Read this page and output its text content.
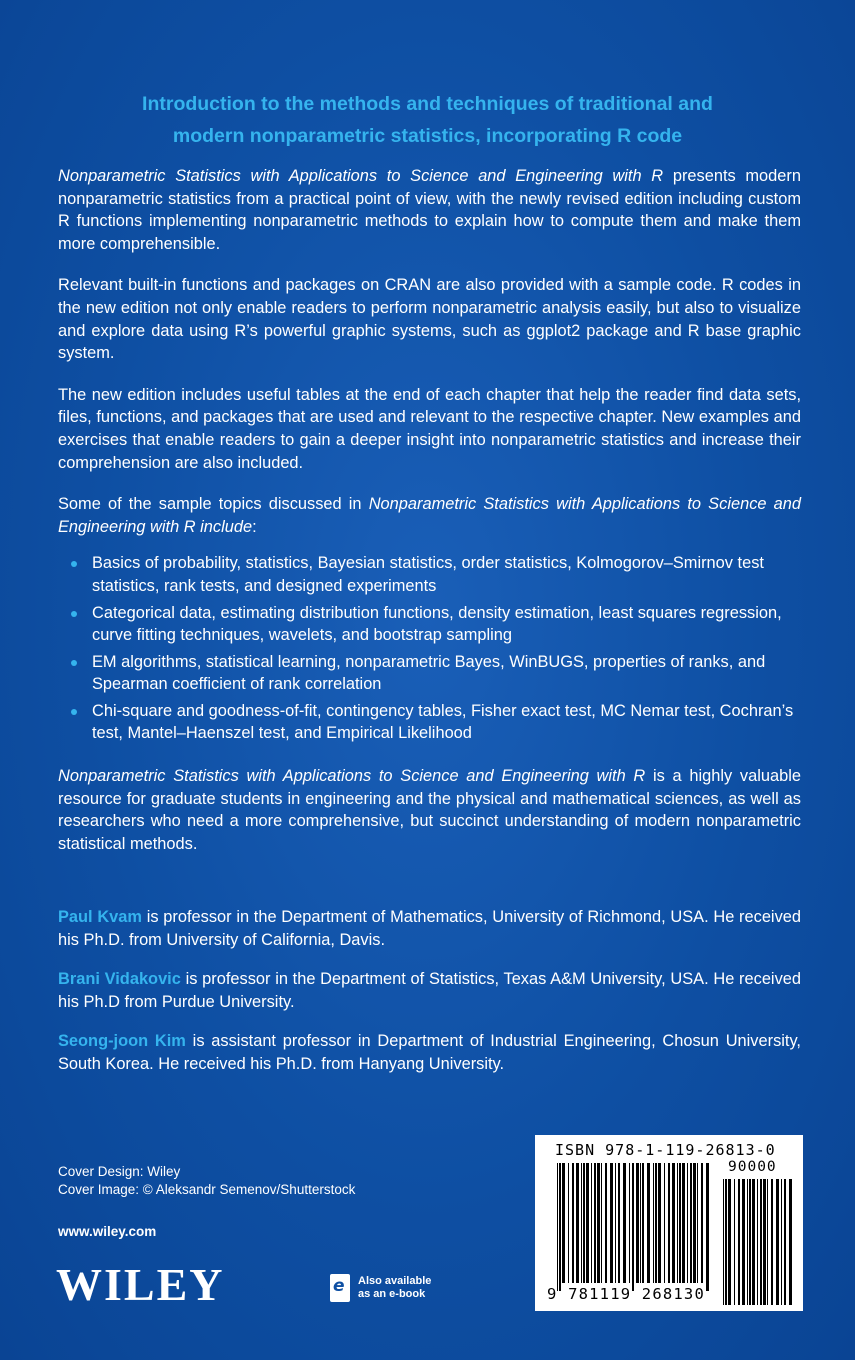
Introduction to the methods and techniques of traditional and
modern nonparametric statistics, incorporating R code

Nonparametric Statistics with Applications to Science and Engineering with R presents modern nonparametric statistics from a practical point of view, with the newly revised edition including custom R functions implementing nonparametric methods to explain how to compute them and make them more comprehensible.

Relevant built-in functions and packages on CRAN are also provided with a sample code. R codes in the new edition not only enable readers to perform nonparametric analysis easily, but also to visualize and explore data using R’s powerful graphic systems, such as ggplot2 package and R base graphic system.

The new edition includes useful tables at the end of each chapter that help the reader find data sets, files, functions, and packages that are used and relevant to the respective chapter. New examples and exercises that enable readers to gain a deeper insight into nonparametric statistics and increase their comprehension are also included.

Some of the sample topics discussed in Nonparametric Statistics with Applications to Science and Engineering with R include:

Basics of probability, statistics, Bayesian statistics, order statistics, Kolmogorov–Smirnov test statistics, rank tests, and designed experiments
Categorical data, estimating distribution functions, density estimation, least squares regression, curve fitting techniques, wavelets, and bootstrap sampling
EM algorithms, statistical learning, nonparametric Bayes, WinBUGS, properties of ranks, and Spearman coefficient of rank correlation
Chi-square and goodness-of-fit, contingency tables, Fisher exact test, MC Nemar test, Cochran’s test, Mantel–Haenszel test, and Empirical Likelihood

Nonparametric Statistics with Applications to Science and Engineering with R is a highly valuable resource for graduate students in engineering and the physical and mathematical sciences, as well as researchers who need a more comprehensive, but succinct understanding of modern nonparametric statistical methods.

Paul Kvam is professor in the Department of Mathematics, University of Richmond, USA. He received his Ph.D. from University of California, Davis.

Brani Vidakovic is professor in the Department of Statistics, Texas A&M University, USA. He received his Ph.D from Purdue University.

Seong-joon Kim is assistant professor in Department of Industrial Engineering, Chosun University, South Korea. He received his Ph.D. from Hanyang University.

Cover Design: Wiley
Cover Image: © Aleksandr Semenov/Shutterstock
www.wiley.com
WILEY
e	Also available
as an e-book
ISBN 978-1-119-26813-0
90000
9 781119 268130
